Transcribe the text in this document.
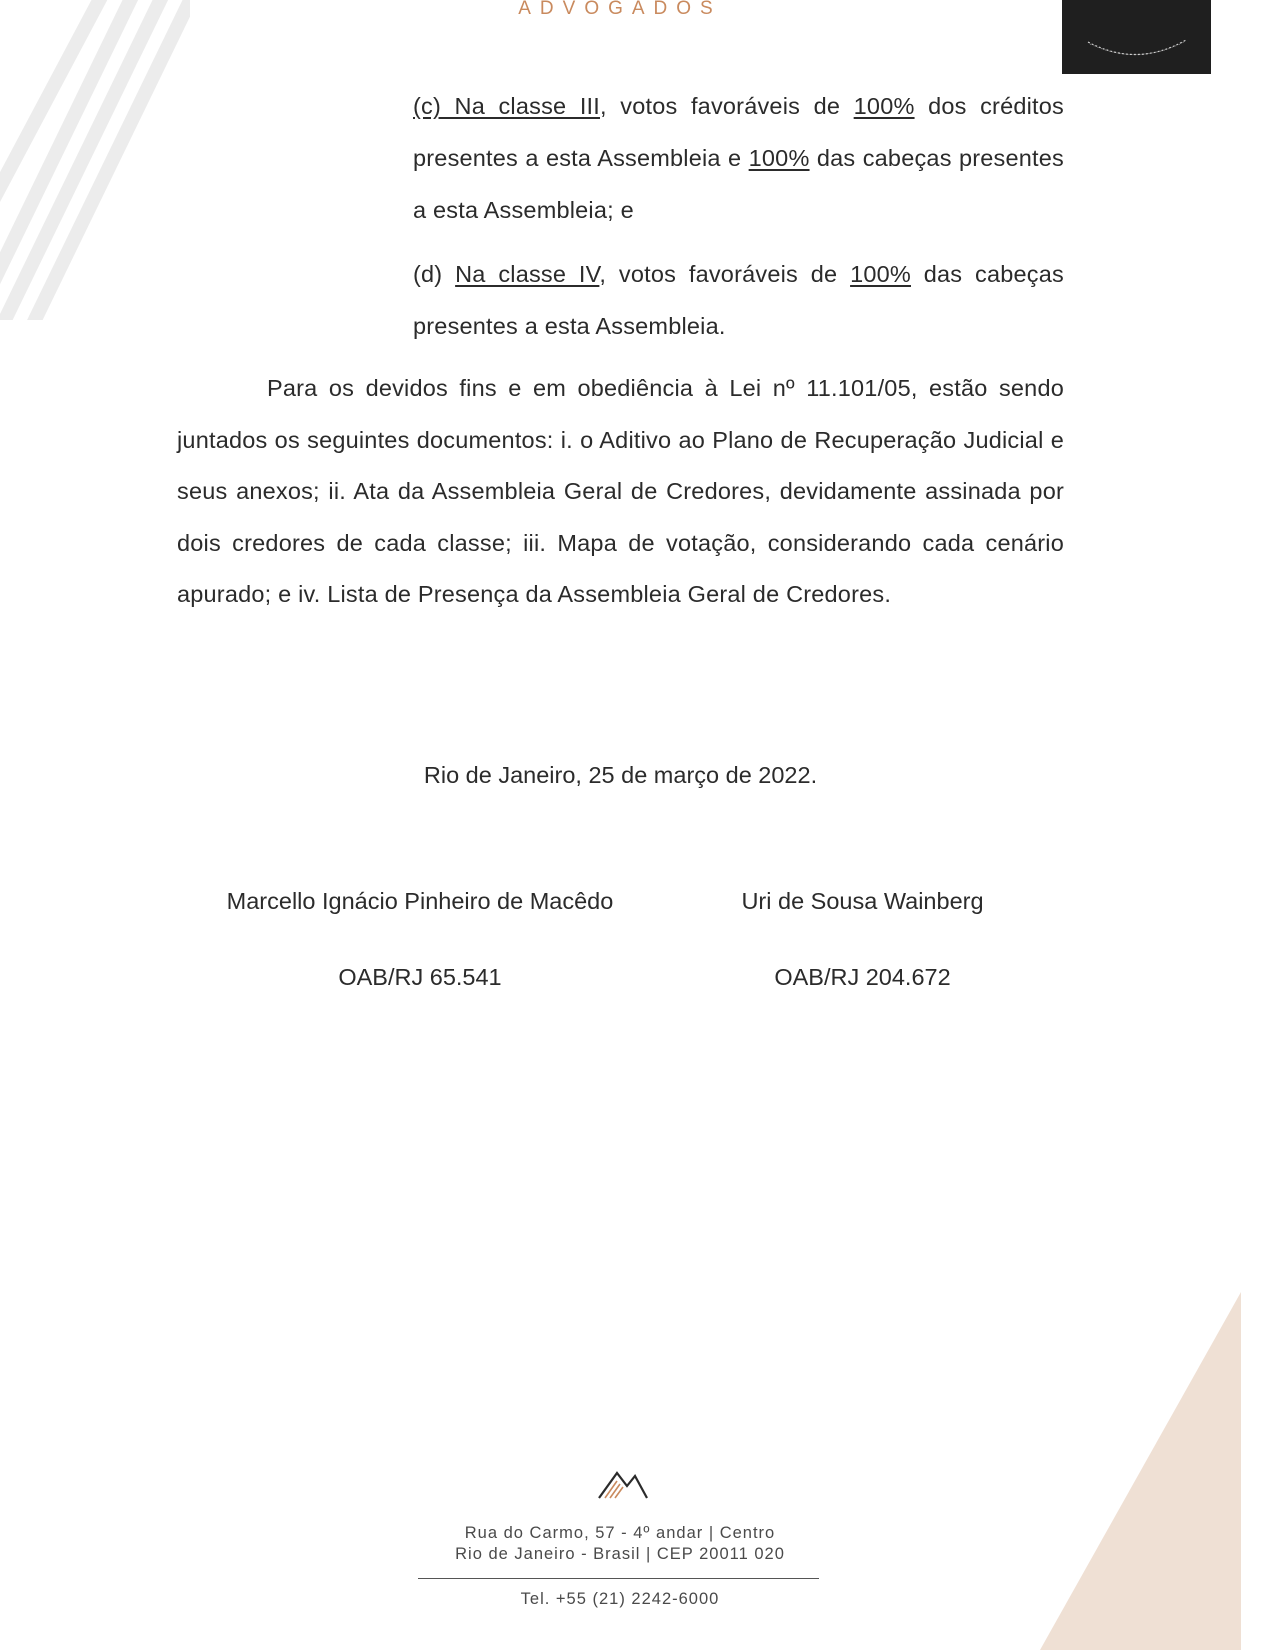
ADVOGADOS
(c) Na classe III, votos favoráveis de 100% dos créditos presentes a esta Assembleia e 100% das cabeças presentes a esta Assembleia; e
(d) Na classe IV, votos favoráveis de 100% das cabeças presentes a esta Assembleia.
Para os devidos fins e em obediência à Lei nº 11.101/05, estão sendo juntados os seguintes documentos: i. o Aditivo ao Plano de Recuperação Judicial e seus anexos; ii. Ata da Assembleia Geral de Credores, devidamente assinada por dois credores de cada classe; iii. Mapa de votação, considerando cada cenário apurado; e iv. Lista de Presença da Assembleia Geral de Credores.
Rio de Janeiro, 25 de março de 2022.
Marcello Ignácio Pinheiro de Macêdo
OAB/RJ 65.541
Uri de Sousa Wainberg
OAB/RJ 204.672
Rua do Carmo, 57 - 4º andar | Centro
Rio de Janeiro - Brasil | CEP 20011 020
Tel. +55 (21) 2242-6000
